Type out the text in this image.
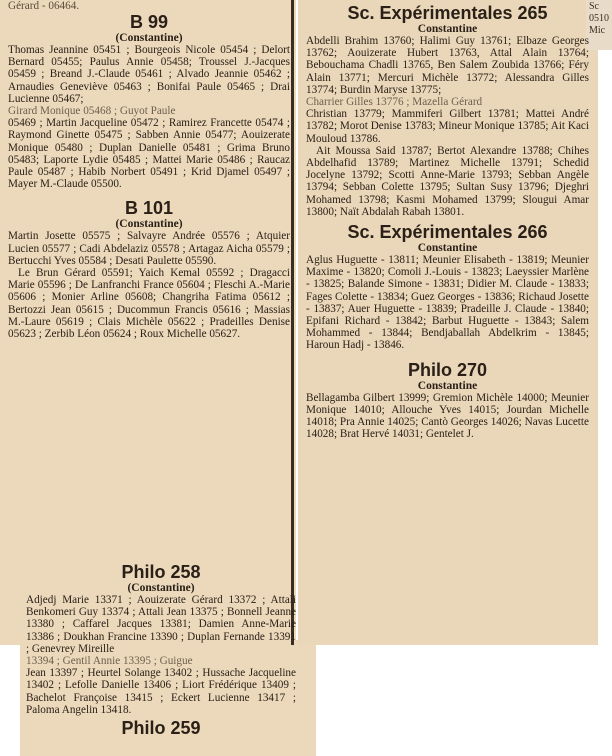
Sc
0510
Mic
Gérard - 06464.
B 99
(Constantine)

Thomas Jeannine 05451 ; Bourgeois Nicole 05454 ; Delort Bernard 05455; Paulus Annie 05458; Troussel J.-Jacques 05459 ; Breand J.-Claude 05461 ; Alvado Jeannie 05462 ; Arnaudies Geneviève 05463 ; Bonifai Paule 05465 ; Drai Lucienne 05467;

Girard Monique 05468 ; Guyot Paule

05469 ; Martin Jacqueline 05472 ; Ramirez Francette 05474 ; Raymond Ginette 05475 ; Sabben Annie 05477; Aouizerate Monique 05480 ; Duplan Danielle 05481 ; Grima Bruno 05483; Laporte Lydie 05485 ; Mattei Marie 05486 ; Raucaz Paule 05487 ; Habib Norbert 05491 ; Krid Djamel 05497 ; Mayer M.-Claude 05500.

B 101
(Constantine)

Martin Josette 05575 ; Salvayre Andrée 05576 ; Atquier Lucien 05577 ; Cadi Abdelaziz 05578 ; Artagaz Aicha 05579 ; Bertucchi Yves 05584 ; Desati Paulette 05590.

Le Brun Gérard 05591; Yaich Kemal 05592 ; Dragacci Marie 05596 ; De Lanfranchi France 05604 ; Fleschi A.-Marie 05606 ; Monier Arline 05608; Changriha Fatima 05612 ; Bertozzi Jean 05615 ; Ducommun Francis 05616 ; Massias M.-Laure 05619 ; Clais Michèle 05622 ; Pradeilles Denise 05623 ; Zerbib Léon 05624 ; Roux Michelle 05627.

Philo 258
(Constantine)

Adjedj Marie 13371 ; Aouizerate Gérard 13372 ; Attali Benkomeri Guy 13374 ; Attali Jean 13375 ; Bonnell Jeanne 13380 ; Caffarel Jacques 13381; Damien Anne-Marie 13386 ; Doukhan Francine 13390 ; Duplan Fernande 13391 ; Genevrey Mireille

13394 ; Gentil Annie 13395 ; Guigue

Jean 13397 ; Heurtel Solange 13402 ; Hussache Jacqueline 13402 ; Lefolle Danielle 13406 ; Liort Frédérique 13409 ; Bachelot Françoise 13415 ; Eckert Lucienne 13417 ; Paloma Angelin 13418.

Philo 259
Sc. Expérimentales 265
Constantine

Abdelli Brahim 13760; Halimi Guy 13761; Elbaze Georges 13762; Aouizerate Hubert 13763, Attal Alain 13764; Bebouchama Chadli 13765, Ben Salem Zoubida 13766; Féry Alain 13771; Mercuri Michèle 13772; Alessandra Gilles 13774; Burdin Maryse 13775;

Charrier Gilles 13776 ; Mazella Gérard

Christian 13779; Mammiferi Gilbert 13781; Mattei André 13782; Morot Denise 13783; Mineur Monique 13785; Ait Kaci Mouloud 13786.

Ait Moussa Said 13787; Bertot Alexandre 13788; Chihes Abdelhafid 13789; Martinez Michelle 13791; Schedid Jocelyne 13792; Scotti Anne-Marie 13793; Sebban Angèle 13794; Sebban Colette 13795; Sultan Susy 13796; Djeghri Mohamed 13798; Kasmi Mohamed 13799; Slougui Amar 13800; Naït Abdalah Rabah 13801.

Sc. Expérimentales 266
Constantine

Aglus Huguette - 13811; Meunier Elisabeth - 13819; Meunier Maxime - 13820; Comoli J.-Louis - 13823; Laeyssier Marlène - 13825; Balande Simone - 13831; Didier M. Claude - 13833; Fages Colette - 13834; Guez Georges - 13836; Richaud Josette - 13837; Auer Huguette - 13839; Pradeille J. Claude - 13840; Epifani Richard - 13842; Barbut Huguette - 13843; Salem Mohammed - 13844; Bendjaballah Abdelkrim - 13845; Haroun Hadj - 13846.

Philo 270
Constantine

Bellagamba Gilbert 13999; Gremion Michèle 14000; Meunier Monique 14010; Allouche Yves 14015; Jourdan Michelle 14018; Pra Annie 14025; Cantò Georges 14026; Navas Lucette 14028; Brat Hervé 14031; Gentelet J.
